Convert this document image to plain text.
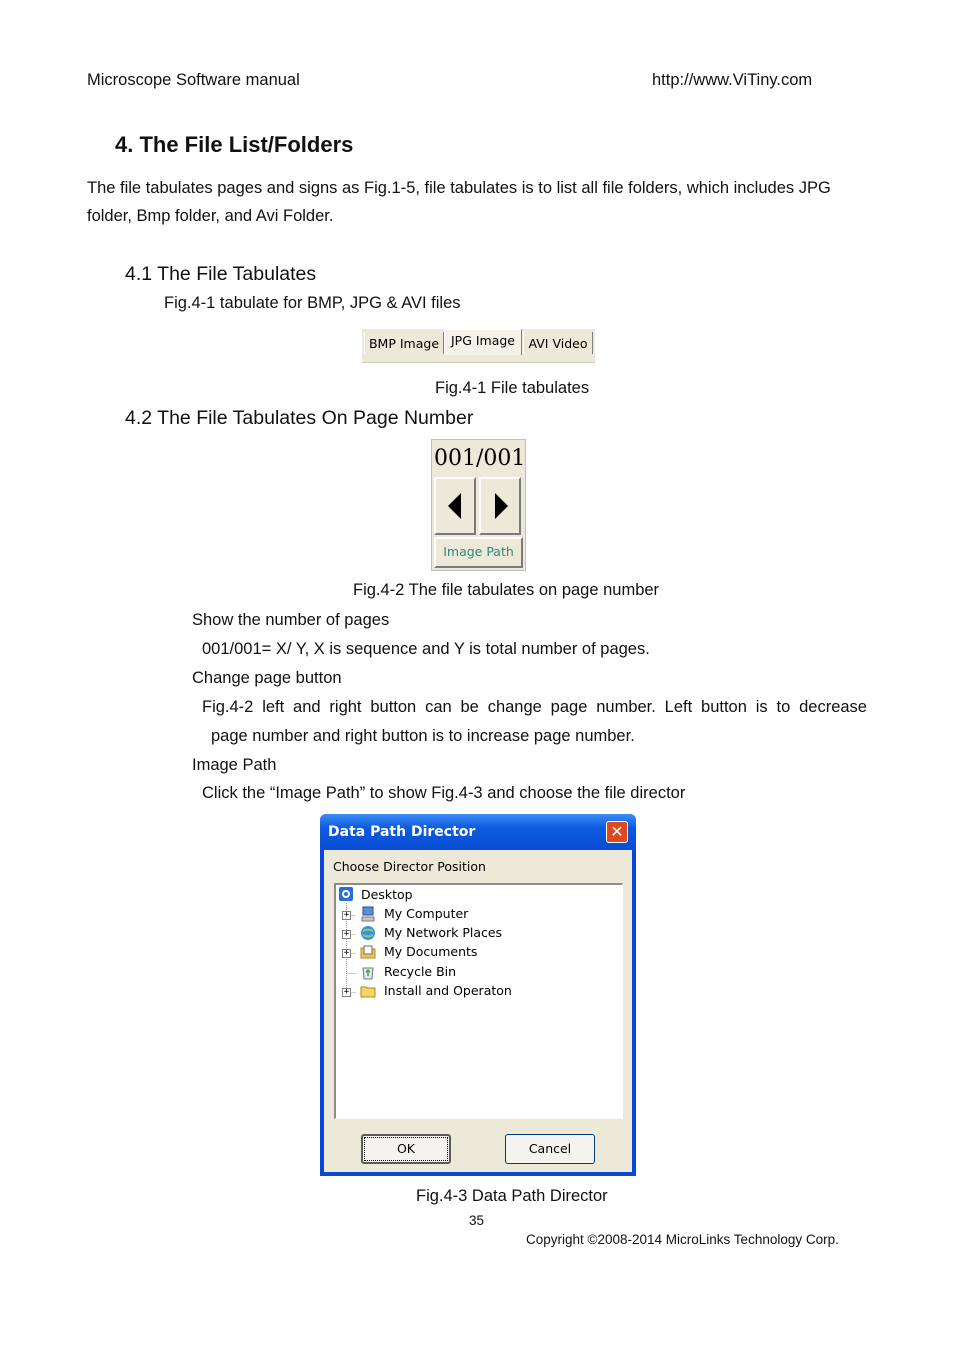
Microscope Software manual	http://www.ViTiny.com
4. The File List/Folders
The file tabulates pages and signs as Fig.1-5, file tabulates is to list all file folders, which includes JPG
folder, Bmp folder, and Avi Folder.
4.1 The File Tabulates
Fig.4-1 tabulate for BMP, JPG & AVI files
BMP Image JPG Image	AVI Video
Fig.4-1 File tabulates
4.2 The File Tabulates On Page Number
001/001
Image Path
Fig.4-2 The file tabulates on page number
Show the number of pages
001/001= X/ Y, X is sequence and Y is total number of pages.
Change page button
Fig.4-2 left and right button can be change page number. Left button is to decrease
page number and right button is to increase page number.
Image Path
Click the “Image Path” to show Fig.4-3 and choose the file director
Data Path Director	✕
Choose Director Position
Desktop
+	My Computer
+	My Network Places
+	My Documents
Recycle Bin
+	Install and Operaton
OK	Cancel
Fig.4-3 Data Path Director
35
Copyright ©2008-2014 MicroLinks Technology Corp.
